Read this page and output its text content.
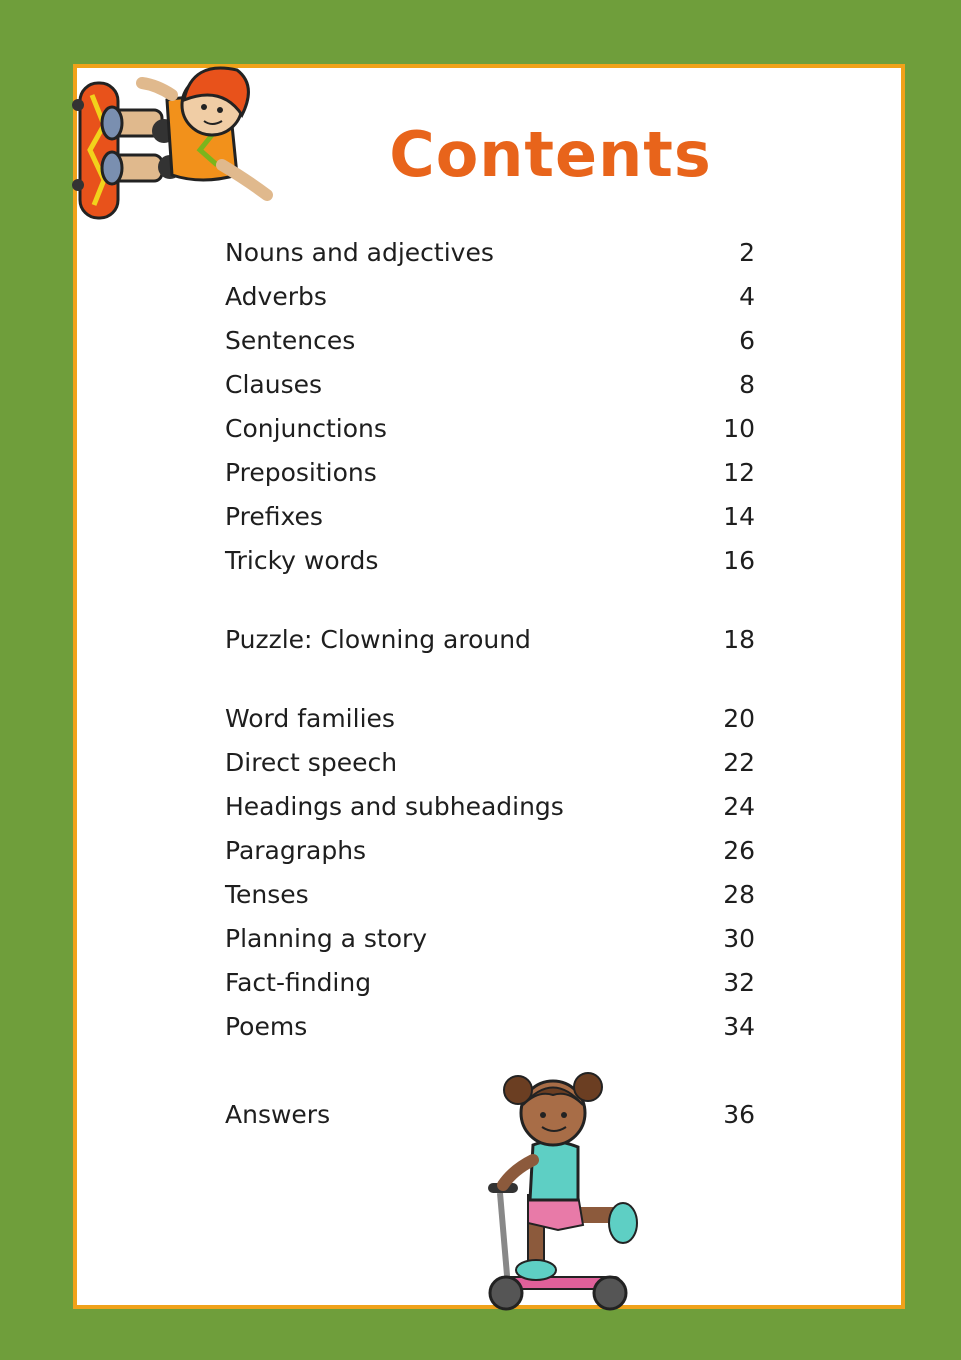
Contents
Nouns and adjectives	2
Adverbs	4
Sentences	6
Clauses	8
Conjunctions	10
Prepositions	12
Prefixes	14
Tricky words	16
Puzzle: Clowning around	18
Word families	20
Direct speech	22
Headings and subheadings	24
Paragraphs	26
Tenses	28
Planning a story	30
Fact-finding	32
Poems	34
Answers	36
